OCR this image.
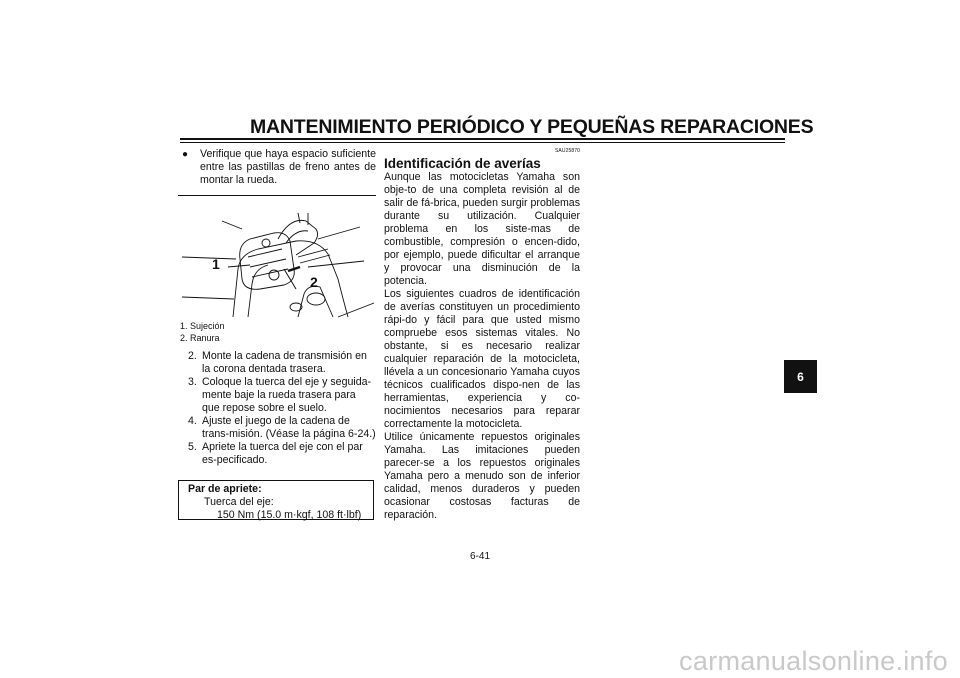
MANTENIMIENTO PERIÓDICO Y PEQUEÑAS REPARACIONES
● Verifique que haya espacio suficiente entre las pastillas de freno antes de montar la rueda.
1
2
1. Sujeción
2. Ranura
2. Monte la cadena de transmisión en la corona dentada trasera.
3. Coloque la tuerca del eje y seguida-mente baje la rueda trasera para que repose sobre el suelo.
4. Ajuste el juego de la cadena de trans-misión. (Véase la página 6-24.)
5. Apriete la tuerca del eje con el par es-pecificado.
Par de apriete:
Tuerca del eje:
150 Nm (15.0 m·kgf, 108 ft·lbf)
SAU25870
Identificación de averías
Aunque las motocicletas Yamaha son obje-to de una completa revisión al de salir de fá-brica, pueden surgir problemas durante su utilización. Cualquier problema en los siste-mas de combustible, compresión o encen-dido, por ejemplo, puede dificultar el arranque y provocar una disminución de la potencia.
Los siguientes cuadros de identificación de averías constituyen un procedimiento rápi-do y fácil para que usted mismo compruebe esos sistemas vitales. No obstante, si es necesario realizar cualquier reparación de la motocicleta, llévela a un concesionario Yamaha cuyos técnicos cualificados dispo-nen de las herramientas, experiencia y co-nocimientos necesarios para reparar correctamente la motocicleta.
Utilice únicamente repuestos originales Yamaha. Las imitaciones pueden parecer-se a los repuestos originales Yamaha pero a menudo son de inferior calidad, menos duraderos y pueden ocasionar costosas facturas de reparación.
6
6-41
carmanualsonline.info
